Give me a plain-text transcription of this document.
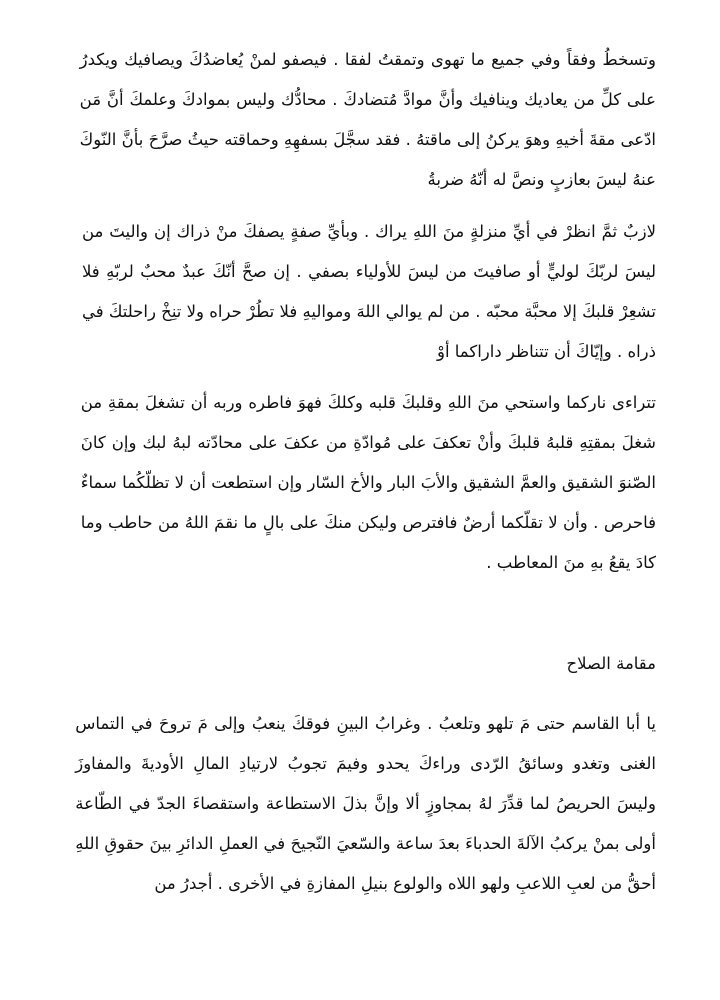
وتسخطُ وفقاً وفي جميع ما تهوى وتمقتُ لفقا . فيصفو لمنْ يُعاضدُكَ ويصافيك ويكدرُ
على كلِّ من يعاديك وينافيك وأنَّ موادَّ مُتضادكَ . محادُّك وليس بموادكَ وعلمكَ أنَّ مَن
ادّعى مقةَ أخيهِ وهوَ يركنُ إلى ماقتهُ . فقد سجَّلَ بسفهِهِ وحماقته حيثُ صرَّحَ بأنَّ النّوكَ
عنهُ ليسَ بعازبٍ ونصَّ له أنّهُ ضربةُ

لازبٌ ثمَّ انظرْ في أيِّ منزلةٍ منَ اللهِ يراك . وبأيِّ صفةٍ يصفكَ منْ ذراك إن واليتَ من
ليسَ لربّكَ لوليٍّ أو صافيتَ من ليسَ للأولياء بصفي . إن صحَّ أنّكَ عبدٌ محبٌ لربّهِ فلا
تشعِرْ قلبكَ إلا محبَّة محبّه . من لم يوالي اللهَ ومواليهِ فلا تطُرْ حراه ولا تنِخْ راحلتكَ في
ذراه . وإيّاكَ أن تتناظر داراكما أوْ

تتراءى ناركما واستحي منَ اللهِ وقلبكَ قلبه وكلكَ فهوَ فاطره وربه أن تشغلَ بمقةِ من
شغلَ بمقتِهِ قلبهُ قلبكَ وأنْ تعكفَ على مُوادّةِ من عكفَ على محادّته لبهُ لبك وإن كانَ
الصّنوَ الشقيق والعمَّ الشقيق والأبَ البار والأخ السّار وإن استطعت أن لا تظلّكُما سماءٌ
فاحرص . وأن لا تقلّكما أرضٌ فافترص وليكن منكَ على بالٍ ما نقمَ اللهُ من حاطب وما
كادَ يقعُ بهِ منَ المعاطب .

مقامة الصلاح

يا أبا القاسم حتى مَ تلهو وتلعبُ . وغرابُ البينِ فوقكَ ينعبُ وإلى مَ تروحَ في التماس
الغنى وتغدو وسائقُ الرّدى وراءكَ يحدو وفيمَ تجوبُ لارتيادِ المالِ الأوديةَ والمفاوزَ
وليسَ الحريصُ لما قدِّرَ لهُ بمجاوزٍ ألا وإنَّ بذلَ الاستطاعة واستقصاءَ الجدّ في الطّاعة
أولى بمنْ يركبُ الآلةَ الحدباءَ بعدَ ساعة والسّعيَ النّجيحَ في العملِ الدائرِ بينَ حقوقِ اللهِ
أحقُّ من لعبِ اللاعبِ ولهو اللاه والولوع بنيلِ المفازةِ في الأخرى . أجدرُ من
